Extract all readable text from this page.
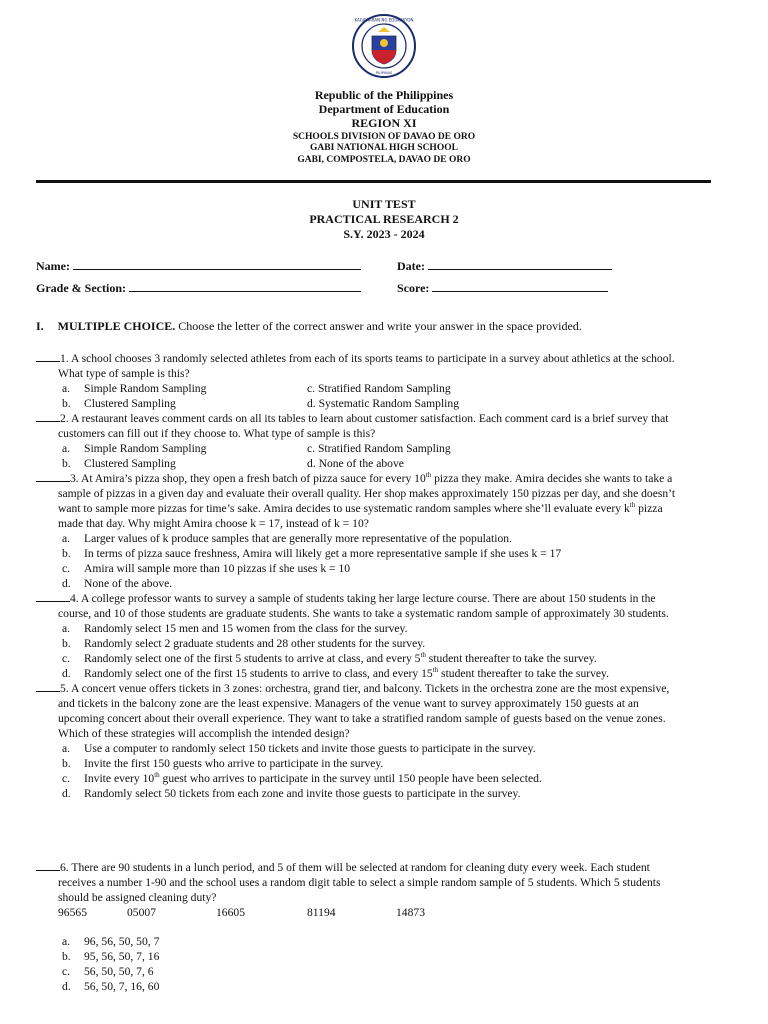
KAGAWARAN NG EDUKASYON
PILIPINAS
Republic of the Philippines
Department of Education
REGION XI
SCHOOLS DIVISION OF DAVAO DE ORO
GABI NATIONAL HIGH SCHOOL
GABI, COMPOSTELA, DAVAO DE ORO
UNIT TEST
PRACTICAL RESEARCH 2
S.Y. 2023 - 2024
Name:	Date:
Grade & Section:	Score:
I. MULTIPLE CHOICE. Choose the letter of the correct answer and write your answer in the space provided.
1. A school chooses 3 randomly selected athletes from each of its sports teams to participate in a survey about athletics at the school.
What type of sample is this?
a. Simple Random Sampling	c. Stratified Random Sampling
b. Clustered Sampling	d. Systematic Random Sampling
2. A restaurant leaves comment cards on all its tables to learn about customer satisfaction. Each comment card is a brief survey that
customers can fill out if they choose to. What type of sample is this?
a. Simple Random Sampling	c. Stratified Random Sampling
b. Clustered Sampling	d. None of the above
3. At Amira’s pizza shop, they open a fresh batch of pizza sauce for every 10th pizza they make. Amira decides she wants to take a
sample of pizzas in a given day and evaluate their overall quality. Her shop makes approximately 150 pizzas per day, and she doesn’t
want to sample more pizzas for time’s sake. Amira decides to use systematic random samples where she’ll evaluate every $k^{th}$ pizza
made that day. Why might Amira choose k = 17, instead of k = 10?
a. Larger values of k produce samples that are generally more representative of the population.
b. In terms of pizza sauce freshness, Amira will likely get a more representative sample if she uses k = 17
c. Amira will sample more than 10 pizzas if she uses k = 10
d. None of the above.
4. A college professor wants to survey a sample of students taking her large lecture course. There are about 150 students in the
course, and 10 of those students are graduate students. She wants to take a systematic random sample of approximately 30 students.
a. Randomly select 15 men and 15 women from the class for the survey.
b. Randomly select 2 graduate students and 28 other students for the survey.
c. Randomly select one of the first 5 students to arrive at class, and every 5th student thereafter to take the survey.
d. Randomly select one of the first 15 students to arrive to class, and every 15th student thereafter to take the survey.
5. A concert venue offers tickets in 3 zones: orchestra, grand tier, and balcony. Tickets in the orchestra zone are the most expensive,
and tickets in the balcony zone are the least expensive. Managers of the venue want to survey approximately 150 guests at an
upcoming concert about their overall experience. They want to take a stratified random sample of guests based on the venue zones.
Which of these strategies will accomplish the intended design?
a. Use a computer to randomly select 150 tickets and invite those guests to participate in the survey.
b. Invite the first 150 guests who arrive to participate in the survey.
c. Invite every 10th guest who arrives to participate in the survey until 150 people have been selected.
d. Randomly select 50 tickets from each zone and invite those guests to participate in the survey.
6. There are 90 students in a lunch period, and 5 of them will be selected at random for cleaning duty every week. Each student
receives a number 1-90 and the school uses a random digit table to select a simple random sample of 5 students. Which 5 students
should be assigned cleaning duty?
96565	05007	16605	81194	14873
a. 96, 56, 50, 50, 7
b. 95, 56, 50, 7, 16
c. 56, 50, 50, 7, 6
d. 56, 50, 7, 16, 60
